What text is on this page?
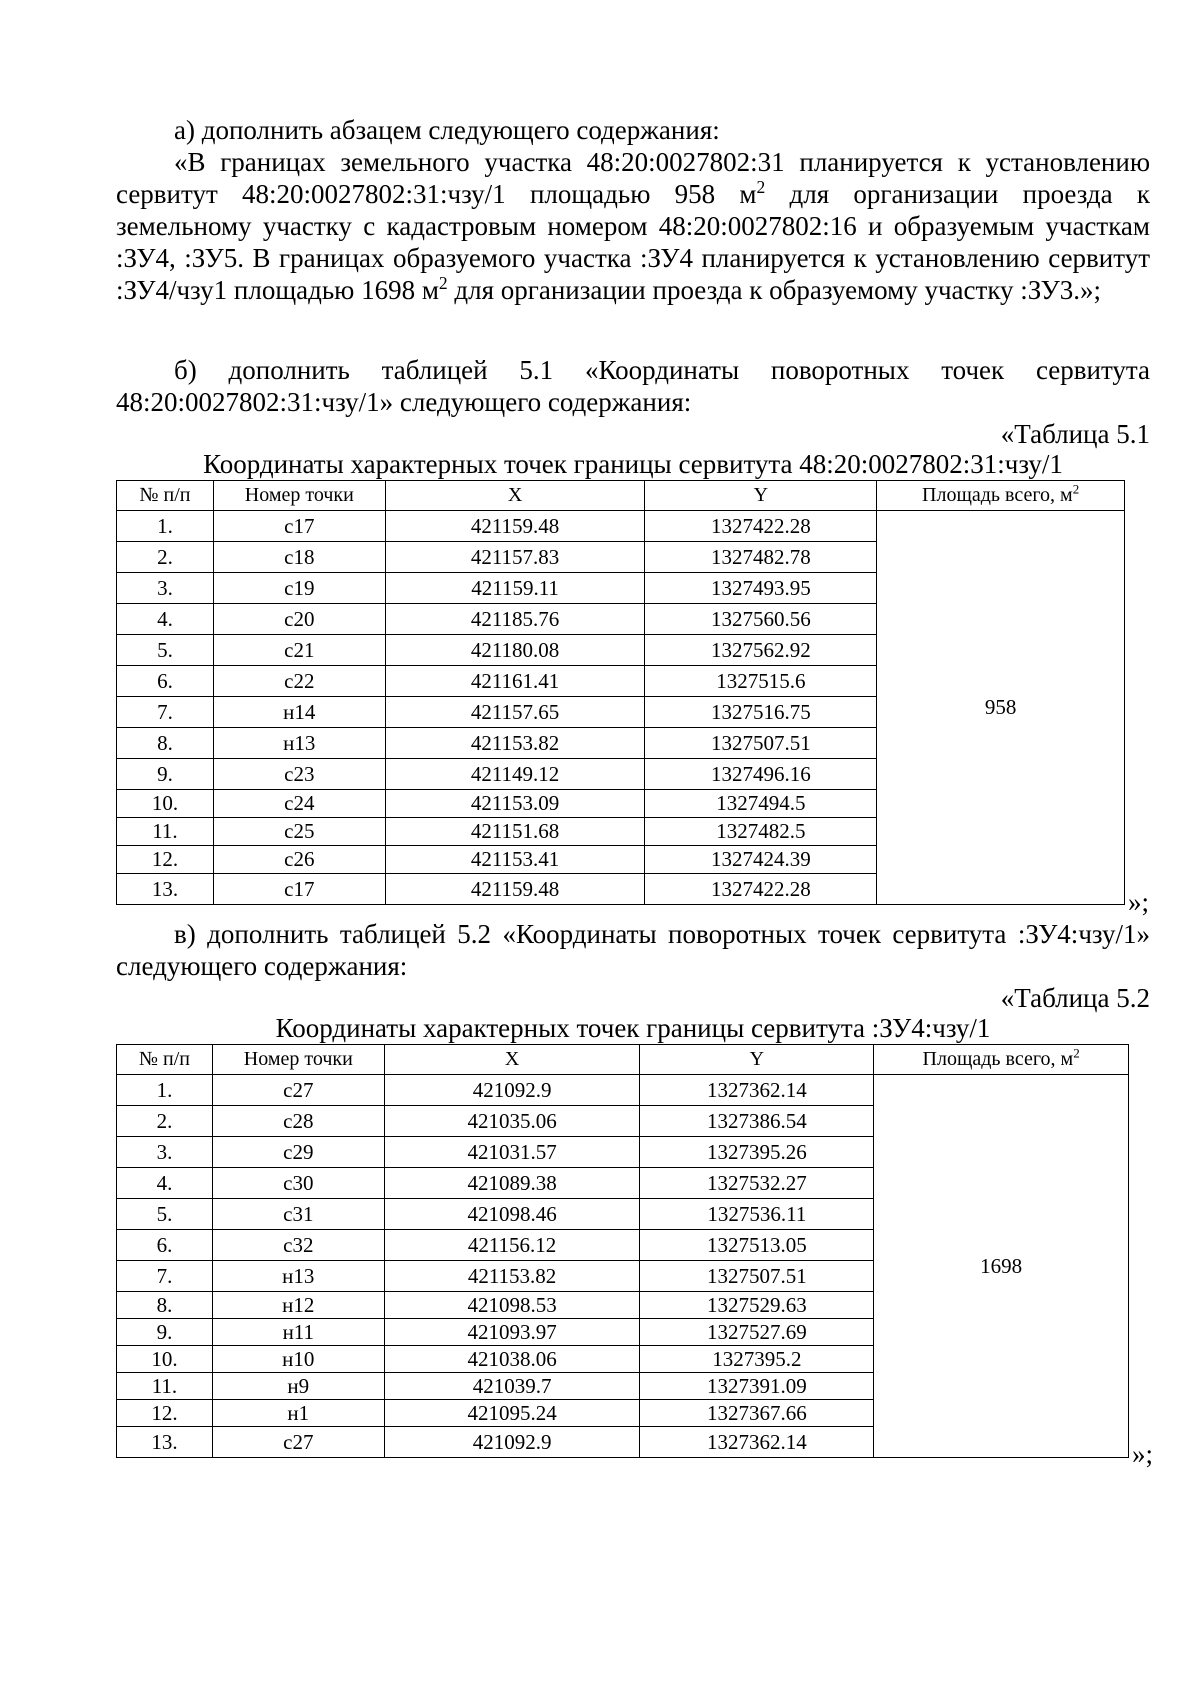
а) дополнить абзацем следующего содержания:

«В границах земельного участка 48:20:0027802:31 планируется к установлению сервитут 48:20:0027802:31:чзу/1 площадью 958 $м^2$ для организации проезда к земельному участку с кадастровым номером 48:20:0027802:16 и образуемым участкам :ЗУ4, :ЗУ5. В границах образуемого участка :ЗУ4 планируется к установлению сервитут :ЗУ4/чзу1 площадью 1698 $м^2$ для организации проезда к образуемому участку :ЗУ3.»;

б) дополнить таблицей 5.1 «Координаты поворотных точек сервитута 48:20:0027802:31:чзу/1» следующего содержания:

«Таблица 5.1

Координаты характерных точек границы сервитута 48:20:0027802:31:чзу/1

№ п/п	Номер точки	X	Y	Площадь всего, $м^2$
1.	с17	421159.48	1327422.28	958
2.	с18	421157.83	1327482.78	
3.	с19	421159.11	1327493.95	
4.	с20	421185.76	1327560.56	
5.	с21	421180.08	1327562.92	
6.	с22	421161.41	1327515.6	
7.	н14	421157.65	1327516.75	
8.	н13	421153.82	1327507.51	
9.	с23	421149.12	1327496.16	
10.	с24	421153.09	1327494.5	
11.	с25	421151.68	1327482.5	
12.	с26	421153.41	1327424.39	
13.	с17	421159.48	1327422.28		»;

в) дополнить таблицей 5.2 «Координаты поворотных точек сервитута :ЗУ4:чзу/1» следующего содержания:

«Таблица 5.2

Координаты характерных точек границы сервитута :ЗУ4:чзу/1

№ п/п	Номер точки	X	Y	Площадь всего, $м^2$
1.	с27	421092.9	1327362.14	1698
2.	с28	421035.06	1327386.54	
3.	с29	421031.57	1327395.26	
4.	с30	421089.38	1327532.27	
5.	с31	421098.46	1327536.11	
6.	с32	421156.12	1327513.05	
7.	н13	421153.82	1327507.51	
8.	н12	421098.53	1327529.63	
9.	н11	421093.97	1327527.69	
10.	н10	421038.06	1327395.2	
11.	н9	421039.7	1327391.09	
12.	н1	421095.24	1327367.66	
13.	с27	421092.9	1327362.14		»;
